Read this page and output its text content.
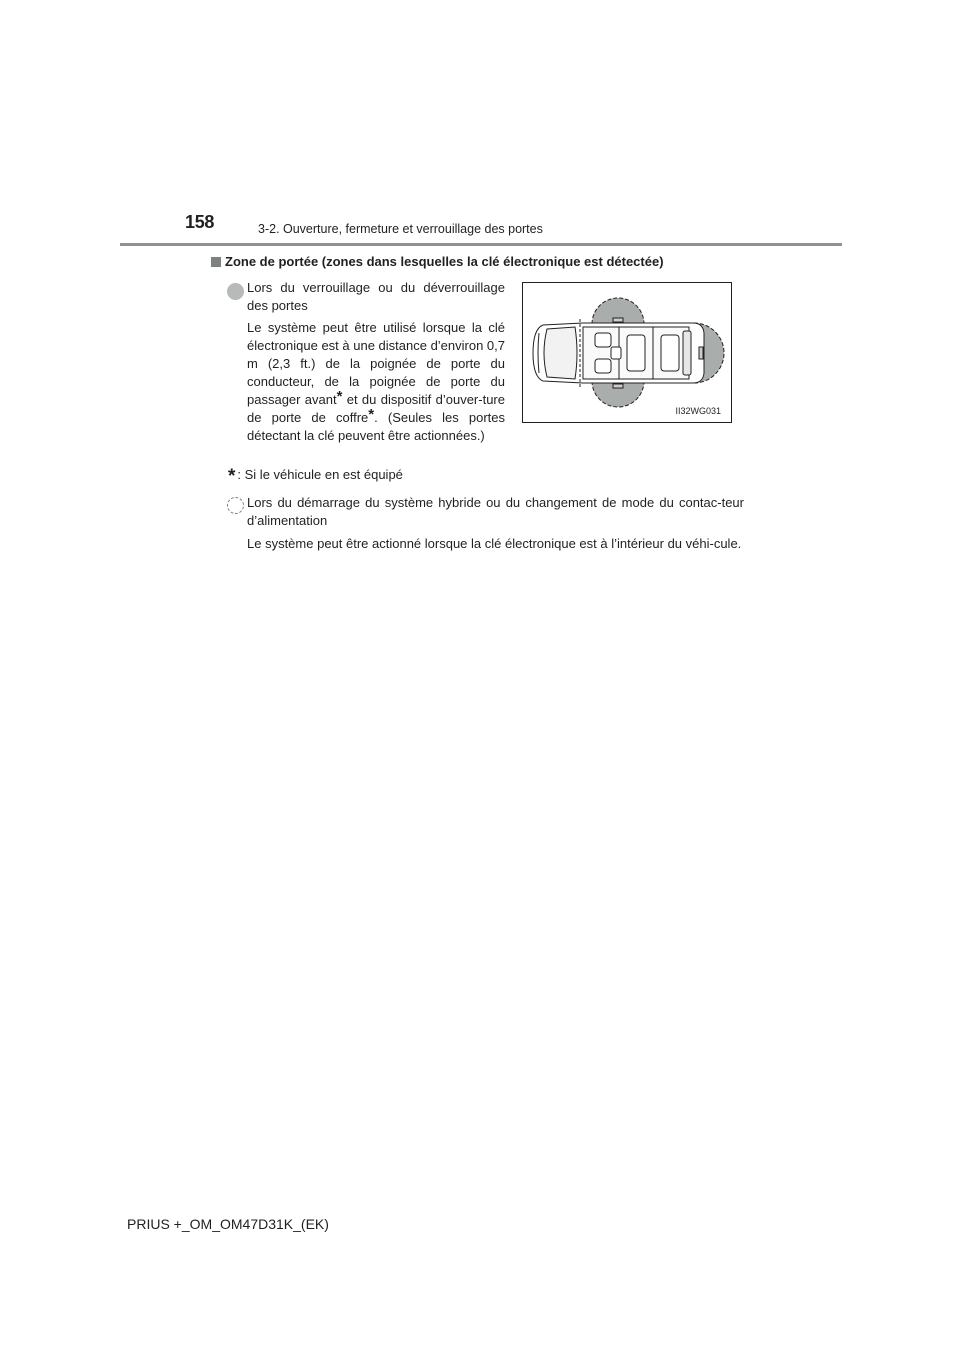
158	3-2. Ouverture, fermeture et verrouillage des portes
Zone de portée (zones dans lesquelles la clé électronique est détectée)
Lors du verrouillage ou du déverrouillage des portes
Le système peut être utilisé lorsque la clé électronique est à une distance d’environ 0,7 m (2,3 ft.) de la poignée de porte du conducteur, de la poignée de porte du passager avant* et du dispositif d’ouver-ture de porte de coffre*. (Seules les portes détectant la clé peuvent être actionnées.)
II32WG031
* : Si le véhicule en est équipé
Lors du démarrage du système hybride ou du changement de mode du contac-teur d’alimentation
Le système peut être actionné lorsque la clé électronique est à l’intérieur du véhi-cule.
PRIUS +_OM_OM47D31K_(EK)
